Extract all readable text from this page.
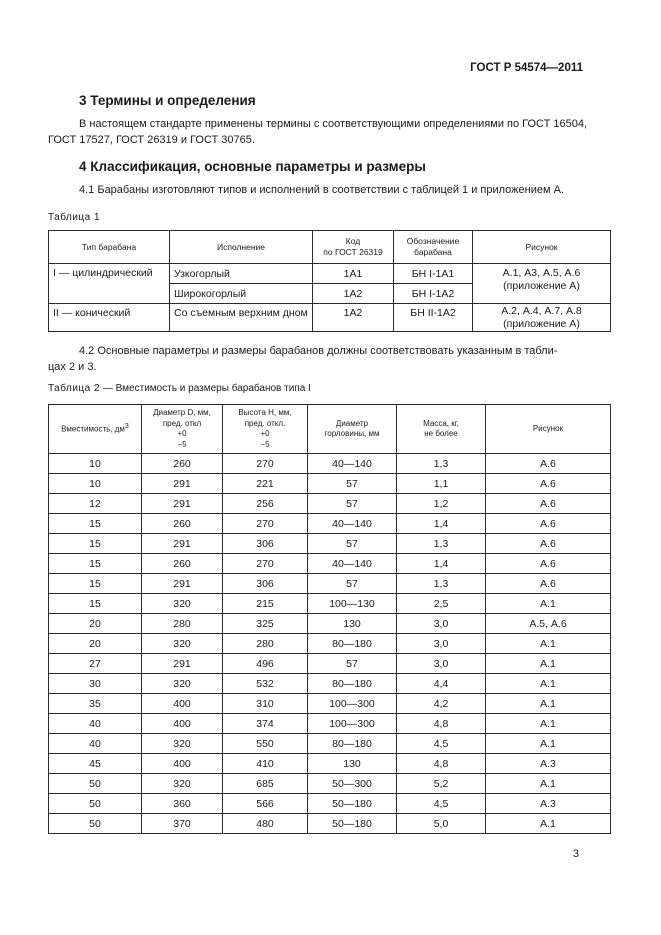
ГОСТ Р 54574—2011
3 Термины и определения
В настоящем стандарте применены термины с соответствующими определениями по ГОСТ 16504,
ГОСТ 17527, ГОСТ 26319 и ГОСТ 30765.
4 Классификация, основные параметры и размеры
4.1 Барабаны изготовляют типов и исполнений в соответствии с таблицей 1 и приложением А.
Таблица 1
Тип барабана	Исполнение	Код
по ГОСТ 26319	Обозначение
барабана	Рисунок
I — цилиндрический	Узкогорлый	1А1	БН I-1А1	А.1, А3, А.5, А.6
(приложение А)
	Широкогорлый	1А2	БН I-1А2	
II — конический	Со съемным верхним дном	1А2	БН II-1А2	А.2, А.4, А.7, А.8
(приложение А)
4.2 Основные параметры и размеры барабанов должны соответствовать указанным в табли-
цах 2 и 3.
Таблица 2 — Вместимость и размеры барабанов типа I
Вместимость, $дм^3$	Диаметр D, мм,
пред. откл
+0
−5	Высота H, мм,
пред. откл.
+0
−5	Диаметр
горловины, мм	Масса, кг,
не более	Рисунок
10	260	270	40—140	1,3	А.6
10	291	221	57	1,1	А.6
12	291	256	57	1,2	А.6
15	260	270	40—140	1,4	А.6
15	291	306	57	1,3	А.6
15	260	270	40—140	1,4	А.6
15	291	306	57	1,3	А.6
15	320	215	100—130	2,5	А.1
20	280	325	130	3,0	А.5, А.6
20	320	280	80—180	3,0	А.1
27	291	496	57	3,0	А.1
30	320	532	80—180	4,4	А.1
35	400	310	100—300	4,2	А.1
40	400	374	100—300	4,8	А.1
40	320	550	80—180	4,5	А.1
45	400	410	130	4,8	А.3
50	320	685	50—300	5,2	А.1
50	360	566	50—180	4,5	А.3
50	370	480	50—180	5,0	А.1
3
